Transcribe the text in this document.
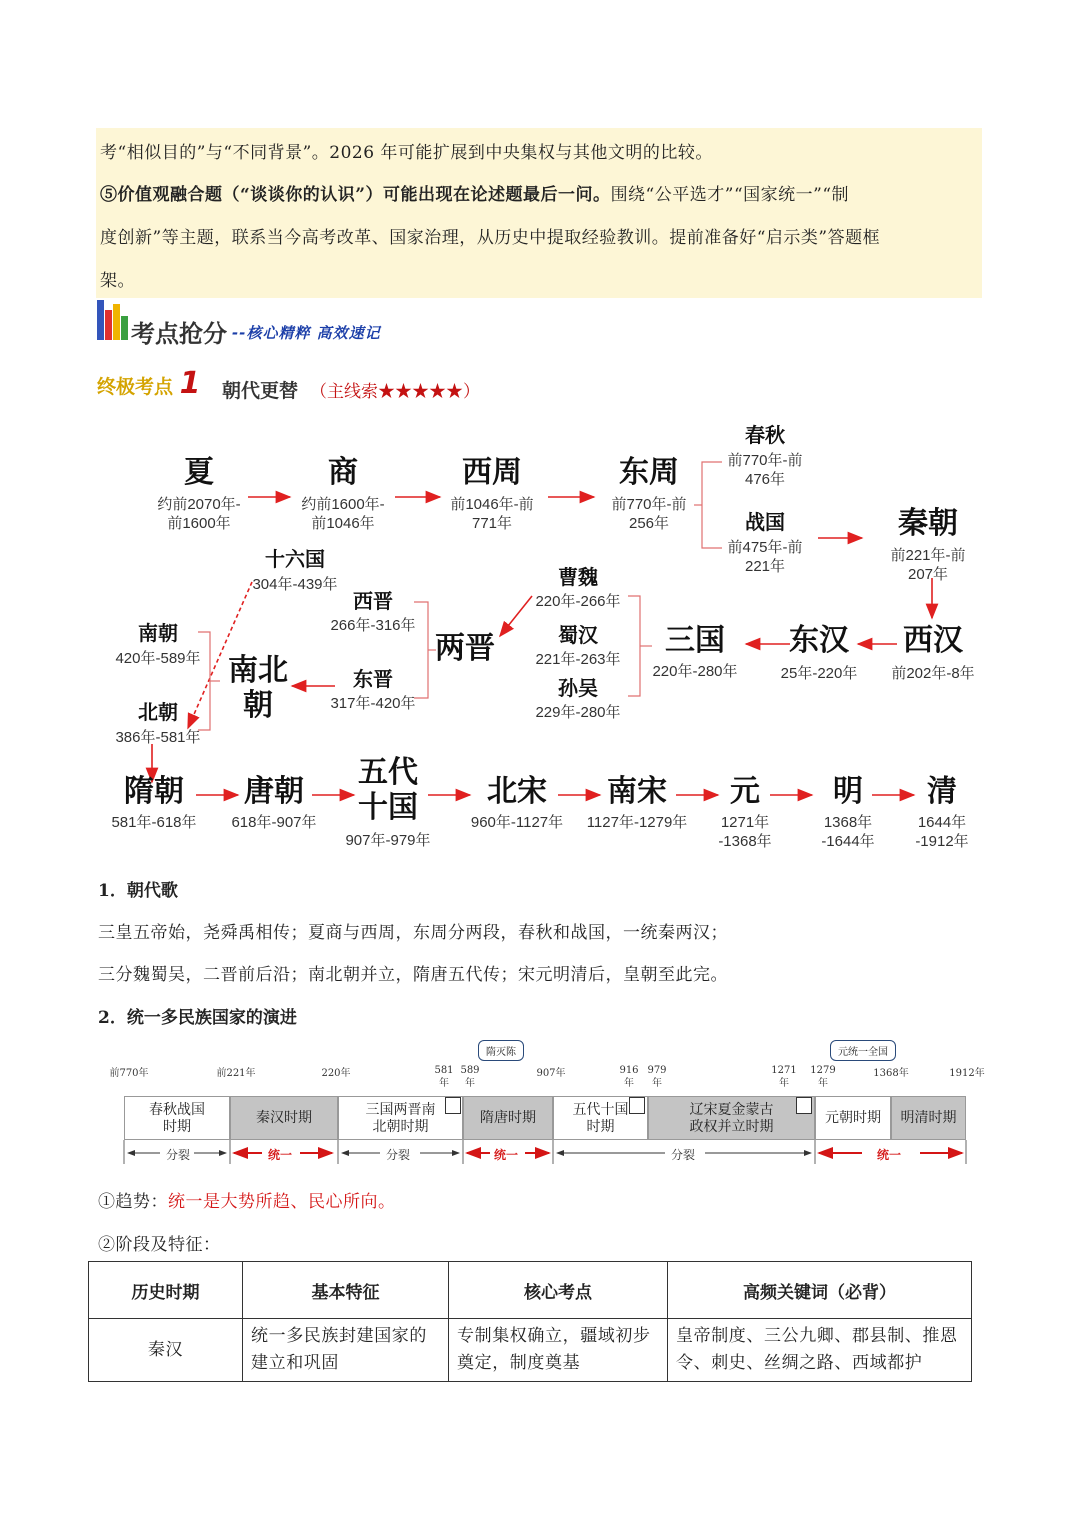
考“相似目的”与“不同背景”。2026 年可能扩展到中央集权与其他文明的比较。

⑤价值观融合题（“谈谈你的认识”）可能出现在论述题最后一问。围绕“公平选才”“国家统一”“制

度创新”等主题，联系当今高考改革、国家治理，从历史中提取经验教训。提前准备好“启示类”答题框

架。

考点抢分 --核心精粹 高效速记
终极考点 1 朝代更替 （主线索★★★★★）
夏
约前2070年-
前1600年
商
约前1600年-
前1046年
西周
前1046年-前
771年
东周
前770年-前
256年
春秋
前770年-前
476年
战国
前475年-前
221年
秦朝
前221年-前
207年
西汉
前202年-8年
东汉
25年-220年
三国
220年-280年
曹魏
220年-266年
蜀汉
221年-263年
孙吴
229年-280年
两晋
西晋
266年-316年
东晋
317年-420年
十六国
304年-439年
南北
朝
南朝
420年-589年
北朝
386年-581年
隋朝
581年-618年
唐朝
618年-907年
五代
十国
907年-979年
北宋
960年-1127年
南宋
1127年-1279年
元
1271年
-1368年
明
1368年
-1644年
清
1644年
-1912年
1．朝代歌
三皇五帝始，尧舜禹相传；夏商与西周，东周分两段，春秋和战国，一统秦两汉；
三分魏蜀吴，二晋前后沿；南北朝并立，隋唐五代传；宋元明清后，皇朝至此完。
2．统一多民族国家的演进
前770年	前221年	220年	581
年
589
年
907年	916
年
979
年
1271
年
1279
年
1368年	1912年
隋灭陈	元统一全国
春秋战国
时期
秦汉时期
三国两晋南
北朝时期
隋唐时期
五代十国
时期
辽宋夏金蒙古
政权并立时期
元朝时期	明清时期
分裂	统一	分裂	统一	分裂	统一
①趋势：统一是大势所趋、民心所向。
②阶段及特征：
历史时期	基本特征	核心考点	高频关键词（必背）
秦汉	统一多民族封建国家的建立和巩固	专制集权确立，疆域初步奠定，制度奠基	皇帝制度、三公九卿、郡县制、推恩令、刺史、丝绸之路、西域都护
